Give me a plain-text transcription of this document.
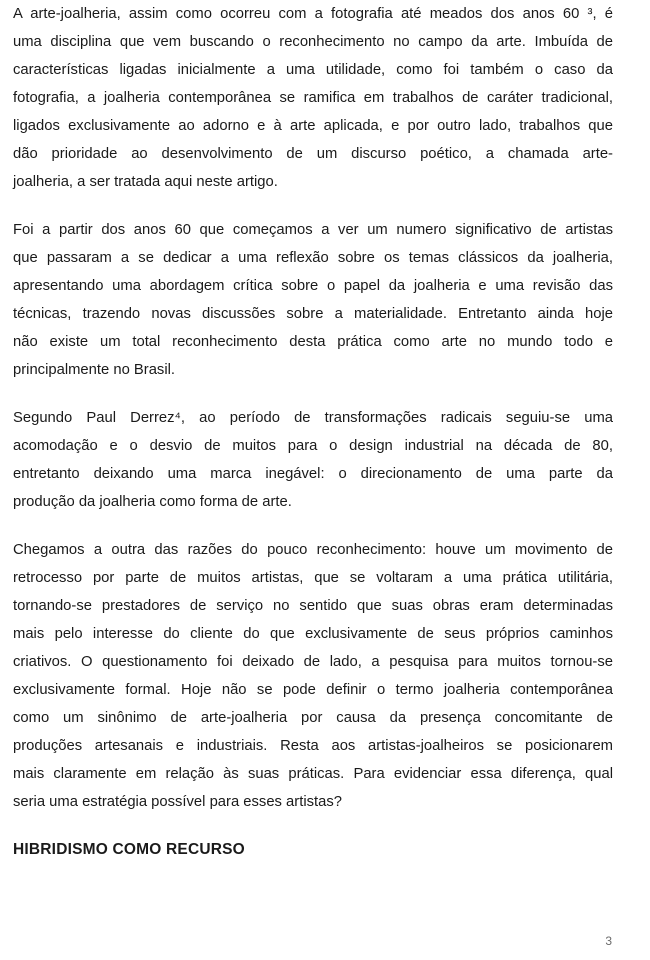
A arte-joalheria, assim como ocorreu com a fotografia até meados dos anos 60 ³, é
uma disciplina que vem buscando o reconhecimento no campo da arte. Imbuída de
características ligadas inicialmente a uma utilidade, como foi também o caso da
fotografia, a joalheria contemporânea se ramifica em trabalhos de caráter tradicional,
ligados exclusivamente ao adorno e à arte aplicada, e por outro lado, trabalhos que
dão prioridade ao desenvolvimento de um discurso poético, a chamada arte-
joalheria, a ser tratada aqui neste artigo.
Foi a partir dos anos 60 que começamos a ver um numero significativo de artistas
que passaram a se dedicar a uma reflexão sobre os temas clássicos da joalheria,
apresentando uma abordagem crítica sobre o papel da joalheria e uma revisão das
técnicas, trazendo novas discussões sobre a materialidade. Entretanto ainda hoje
não existe um total reconhecimento desta prática como arte no mundo todo e
principalmente no Brasil.
Segundo Paul Derrez⁴, ao período de transformações radicais seguiu-se uma
acomodação e o desvio de muitos para o design industrial na década de 80,
entretanto deixando uma marca inegável: o direcionamento de uma parte da
produção da joalheria como forma de arte.
Chegamos a outra das razões do pouco reconhecimento: houve um movimento de
retrocesso por parte de muitos artistas, que se voltaram a uma prática utilitária,
tornando-se prestadores de serviço no sentido que suas obras eram determinadas
mais pelo interesse do cliente do que exclusivamente de seus próprios caminhos
criativos. O questionamento foi deixado de lado, a pesquisa para muitos tornou-se
exclusivamente formal. Hoje não se pode definir o termo joalheria contemporânea
como um sinônimo de arte-joalheria por causa da presença concomitante de
produções artesanais e industriais. Resta aos artistas-joalheiros se posicionarem
mais claramente em relação às suas práticas. Para evidenciar essa diferença, qual
seria uma estratégia possível para esses artistas?
HIBRIDISMO COMO RECURSO
3
